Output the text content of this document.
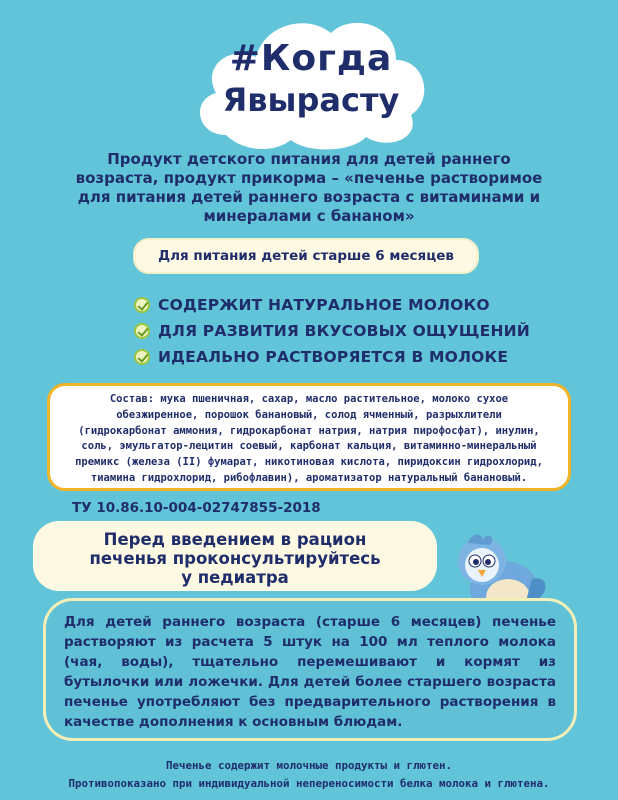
#Когда
Явырасту
Продукт детского питания для детей раннего
возраста, продукт прикорма – «печенье растворимое
для питания детей раннего возраста с витаминами и
минералами с бананом»
Для питания детей старше 6 месяцев
СОДЕРЖИТ НАТУРАЛЬНОЕ МОЛОКО
ДЛЯ РАЗВИТИЯ ВКУСОВЫХ ОЩУЩЕНИЙ
ИДЕАЛЬНО РАСТВОРЯЕТСЯ В МОЛОКЕ
Состав: мука пшеничная, сахар, масло растительное, молоко сухое
обезжиренное, порошок банановый, солод ячменный, разрыхлители
(гидрокарбонат аммония, гидрокарбонат натрия, натрия пирофосфат), инулин,
соль, эмульгатор-лецитин соевый, карбонат кальция, витаминно-минеральный
премикс (железа (II) фумарат, никотиновая кислота, пиридоксин гидрохлорид,
тиамина гидрохлорид, рибофлавин), ароматизатор натуральный банановый.
ТУ 10.86.10-004-02747855-2018
Перед введением в рацион
печенья проконсультируйтесь
у педиатра
Для детей раннего возраста (старше 6 месяцев) печенье растворяют из расчета 5 штук на 100 мл теплого молока (чая, воды), тщательно перемешивают и кормят из бутылочки или ложечки. Для детей более старшего возраста печенье употребляют без предварительного растворения в качестве дополнения к основным блюдам.
Печенье содержит молочные продукты и глютен.
Противопоказано при индивидуальной непереносимости белка молока и глютена.
